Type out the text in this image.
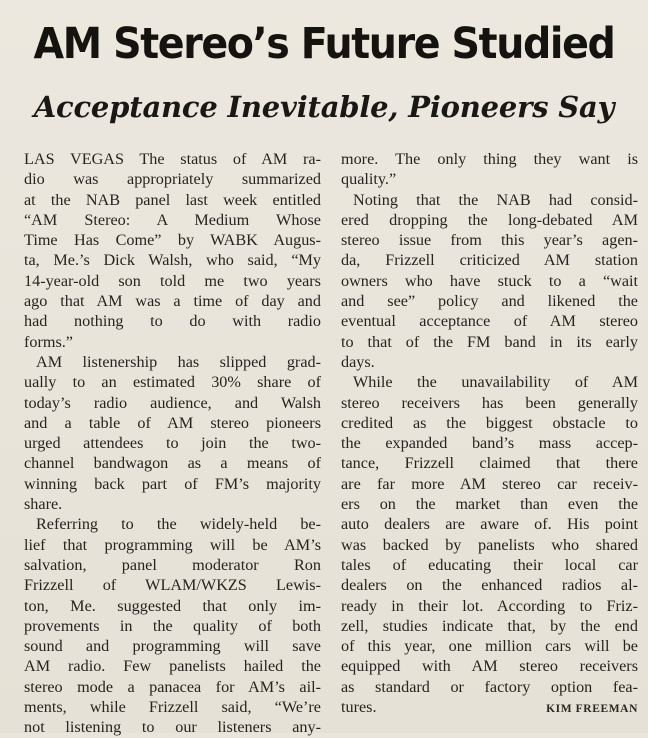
AM Stereo’s Future Studied
Acceptance Inevitable, Pioneers Say
LAS VEGAS The status of AM ra-
dio was appropriately summarized
at the NAB panel last week entitled
“AM Stereo: A Medium Whose
Time Has Come” by WABK Augus-
ta, Me.’s Dick Walsh, who said, “My
14-year-old son told me two years
ago that AM was a time of day and
had nothing to do with radio
forms.”
AM listenership has slipped grad-
ually to an estimated 30% share of
today’s radio audience, and Walsh
and a table of AM stereo pioneers
urged attendees to join the two-
channel bandwagon as a means of
winning back part of FM’s majority
share.
Referring to the widely-held be-
lief that programming will be AM’s
salvation, panel moderator Ron
Frizzell of WLAM/WKZS Lewis-
ton, Me. suggested that only im-
provements in the quality of both
sound and programming will save
AM radio. Few panelists hailed the
stereo mode a panacea for AM’s ail-
ments, while Frizzell said, “We’re
not listening to our listeners any-
more. The only thing they want is
quality.”
Noting that the NAB had consid-
ered dropping the long-debated AM
stereo issue from this year’s agen-
da, Frizzell criticized AM station
owners who have stuck to a “wait
and see” policy and likened the
eventual acceptance of AM stereo
to that of the FM band in its early
days.
While the unavailability of AM
stereo receivers has been generally
credited as the biggest obstacle to
the expanded band’s mass accep-
tance, Frizzell claimed that there
are far more AM stereo car receiv-
ers on the market than even the
auto dealers are aware of. His point
was backed by panelists who shared
tales of educating their local car
dealers on the enhanced radios al-
ready in their lot. According to Friz-
zell, studies indicate that, by the end
of this year, one million cars will be
equipped with AM stereo receivers
as standard or factory option fea-
tures.	KIM FREEMAN
